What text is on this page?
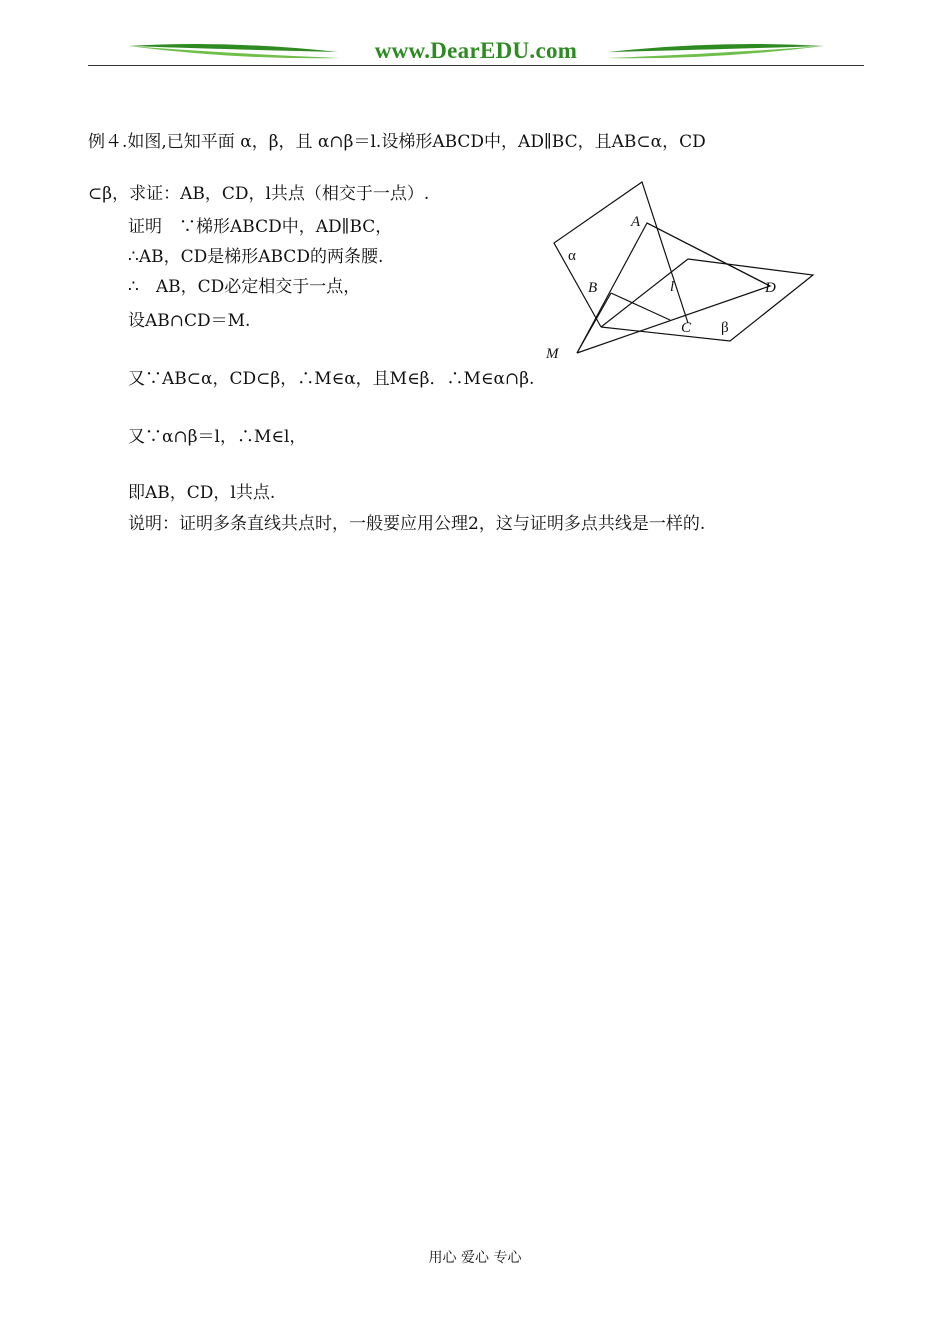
www.DearEDU.com
例４.如图,已知平面 α，β，且 α∩β＝l.设梯形ABCD中，AD∥BC，且AB⊂α，CD
⊂β，求证：AB，CD，l共点（相交于一点）.
证明　∵梯形ABCD中，AD∥BC，
∴AB，CD是梯形ABCD的两条腰.
∴　AB，CD必定相交于一点，
设AB∩CD＝M.
又∵AB⊂α，CD⊂β，∴M∈α，且M∈β．∴M∈α∩β.
又∵α∩β＝l，∴M∈l，
即AB，CD，l共点.
说明：证明多条直线共点时，一般要应用公理2，这与证明多点共线是一样的.
A
B
C
D
M
l
α
β
用心 爱心 专心
